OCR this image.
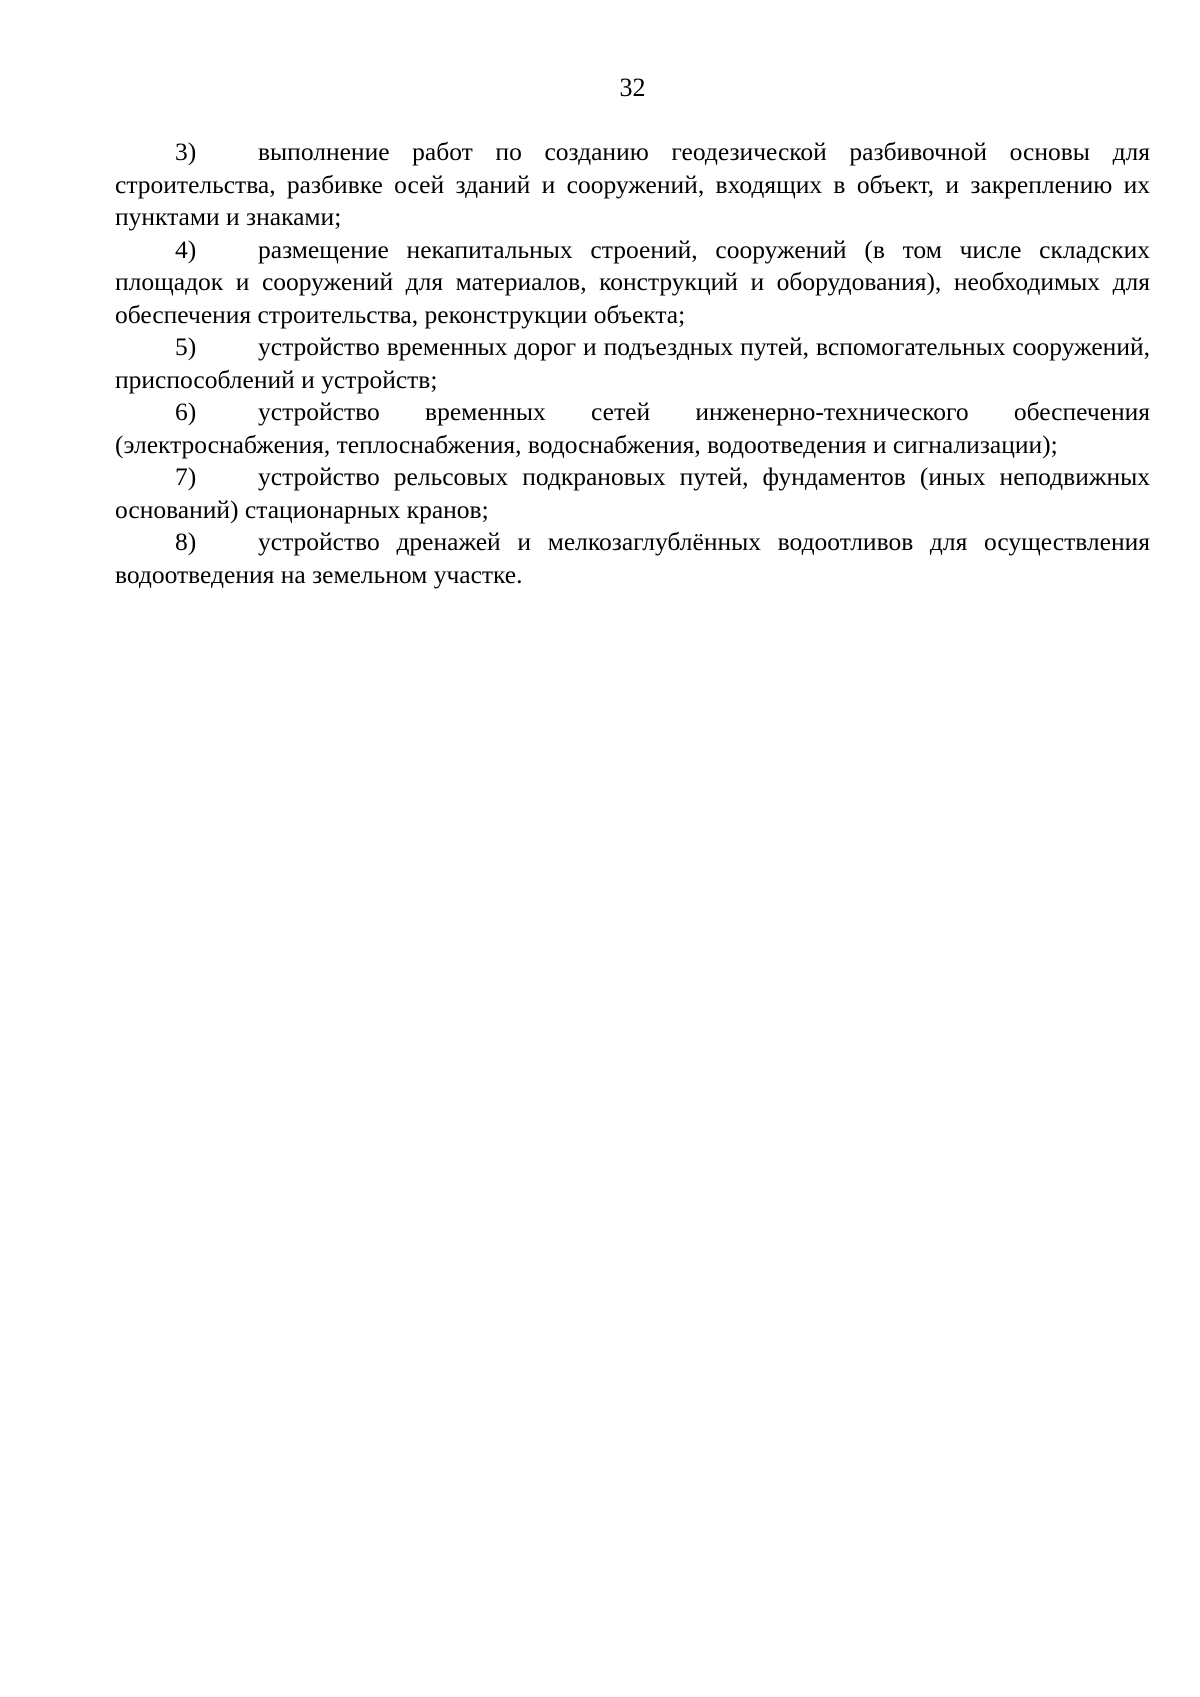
32

3) выполнение работ по созданию геодезической разбивочной основы для строительства, разбивке осей зданий и сооружений, входящих в объект, и закреплению их пунктами и знаками;

4) размещение некапитальных строений, сооружений (в том числе складских площадок и сооружений для материалов, конструкций и оборудования), необходимых для обеспечения строительства, реконструкции объекта;

5) устройство временных дорог и подъездных путей, вспомогательных сооружений, приспособлений и устройств;

6) устройство временных сетей инженерно-технического обеспечения (электроснабжения, теплоснабжения, водоснабжения, водоотведения и сигнализации);

7) устройство рельсовых подкрановых путей, фундаментов (иных неподвижных оснований) стационарных кранов;

8) устройство дренажей и мелкозаглублённых водоотливов для осуществления водоотведения на земельном участке.
